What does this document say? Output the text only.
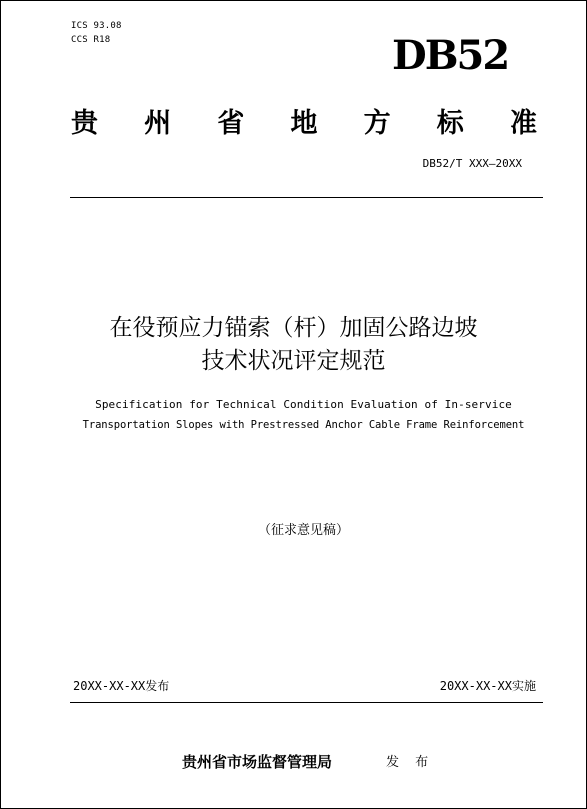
ICS 93.08
CCS R18	DB52
贵 州 省 地 方 标 准
DB52/T XXX—20XX
在役预应力锚索（杆）加固公路边坡
技术状况评定规范
Specification for Technical Condition Evaluation of In-service
Transportation Slopes with Prestressed Anchor Cable Frame Reinforcement
（征求意见稿）
20XX-XX-XX发布	20XX-XX-XX实施
贵州省市场监督管理局	发 布
